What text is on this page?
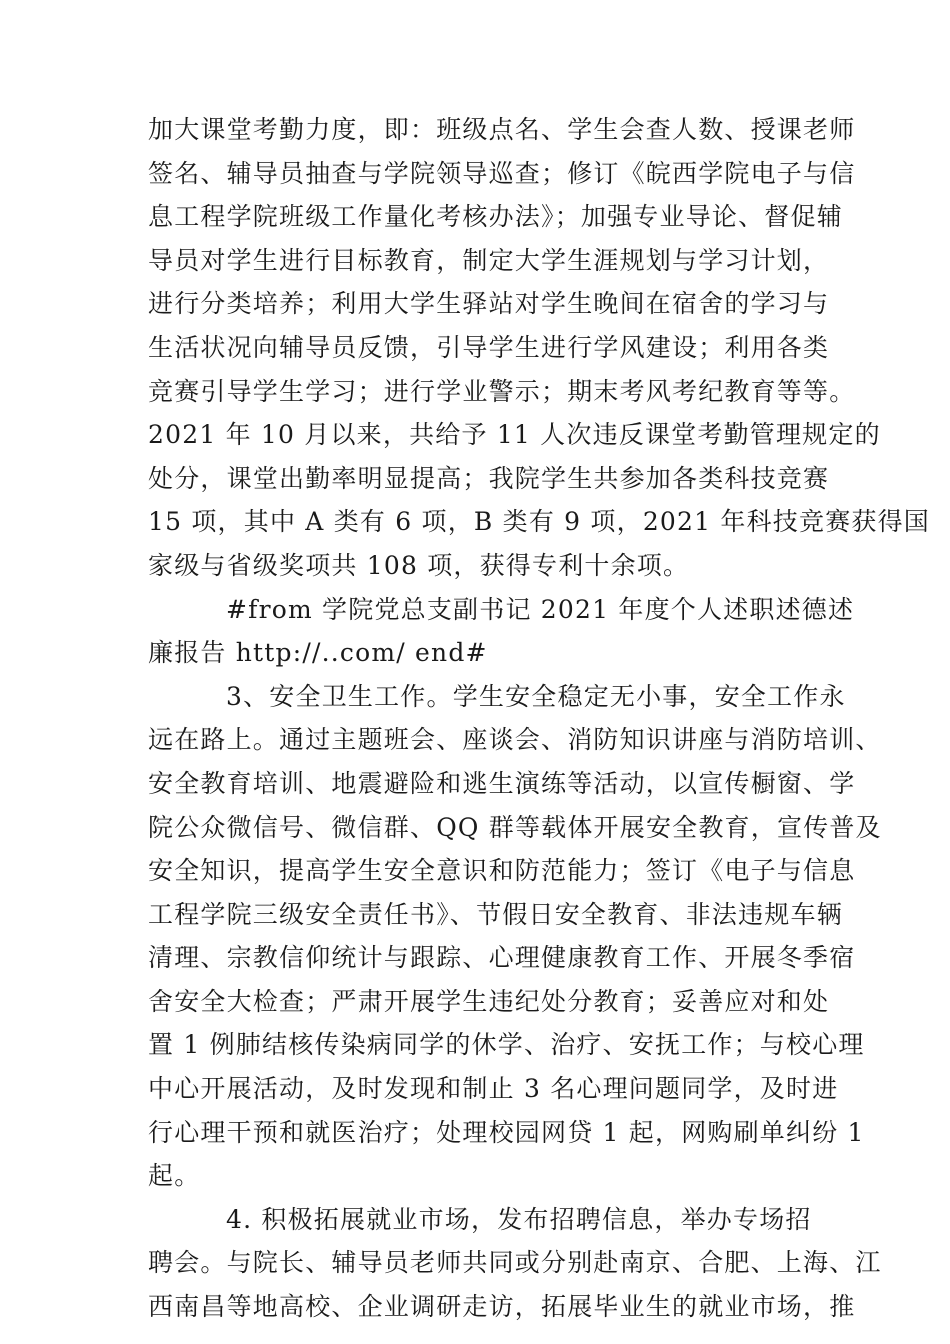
加大课堂考勤力度，即：班级点名、学生会查人数、授课老师
签名、辅导员抽查与学院领导巡查；修订《皖西学院电子与信
息工程学院班级工作量化考核办法》；加强专业导论、督促辅
导员对学生进行目标教育，制定大学生涯规划与学习计划，
进行分类培养；利用大学生驿站对学生晚间在宿舍的学习与
生活状况向辅导员反馈，引导学生进行学风建设；利用各类
竞赛引导学生学习；进行学业警示；期末考风考纪教育等等。
2021 年 10 月以来，共给予 11 人次违反课堂考勤管理规定的
处分，课堂出勤率明显提高；我院学生共参加各类科技竞赛
15 项，其中 A 类有 6 项，B 类有 9 项，2021 年科技竞赛获得国
家级与省级奖项共 108 项，获得专利十余项。
#from 学院党总支副书记 2021 年度个人述职述德述
廉报告 http://..com/ end#
3、安全卫生工作。学生安全稳定无小事，安全工作永
远在路上。通过主题班会、座谈会、消防知识讲座与消防培训、
安全教育培训、地震避险和逃生演练等活动，以宣传橱窗、学
院公众微信号、微信群、QQ 群等载体开展安全教育，宣传普及
安全知识，提高学生安全意识和防范能力；签订《电子与信息
工程学院三级安全责任书》、节假日安全教育、非法违规车辆
清理、宗教信仰统计与跟踪、心理健康教育工作、开展冬季宿
舍安全大检查；严肃开展学生违纪处分教育；妥善应对和处
置 1 例肺结核传染病同学的休学、治疗、安抚工作；与校心理
中心开展活动，及时发现和制止 3 名心理问题同学，及时进
行心理干预和就医治疗；处理校园网贷 1 起，网购刷单纠纷 1
起。
4. 积极拓展就业市场，发布招聘信息，举办专场招
聘会。与院长、辅导员老师共同或分别赴南京、合肥、上海、江
西南昌等地高校、企业调研走访，拓展毕业生的就业市场，推
